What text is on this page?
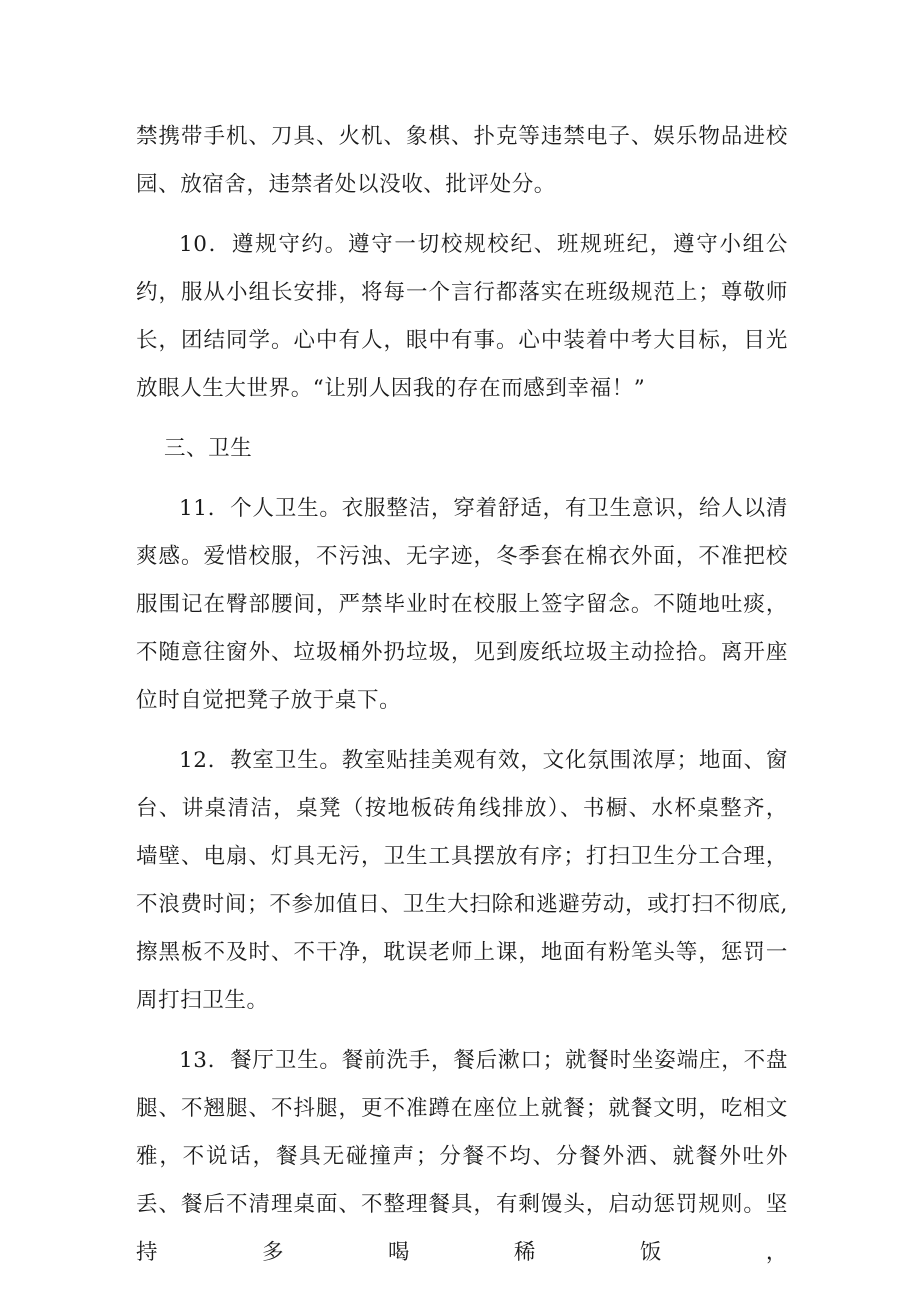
禁携带手机、刀具、火机、象棋、扑克等违禁电子、娱乐物品进校园、放宿舍，违禁者处以没收、批评处分。

10．遵规守约。遵守一切校规校纪、班规班纪，遵守小组公约，服从小组长安排，将每一个言行都落实在班级规范上；尊敬师长，团结同学。心中有人，眼中有事。心中装着中考大目标，目光放眼人生大世界。“让别人因我的存在而感到幸福！”

三、卫生

11．个人卫生。衣服整洁，穿着舒适，有卫生意识，给人以清爽感。爱惜校服，不污浊、无字迹，冬季套在棉衣外面，不准把校服围记在臀部腰间，严禁毕业时在校服上签字留念。不随地吐痰，不随意往窗外、垃圾桶外扔垃圾，见到废纸垃圾主动捡拾。离开座位时自觉把凳子放于桌下。

12．教室卫生。教室贴挂美观有效，文化氛围浓厚；地面、窗台、讲桌清洁，桌凳（按地板砖角线排放）、书橱、水杯桌整齐，墙壁、电扇、灯具无污，卫生工具摆放有序；打扫卫生分工合理，不浪费时间；不参加值日、卫生大扫除和逃避劳动，或打扫不彻底,擦黑板不及时、不干净，耽误老师上课，地面有粉笔头等，惩罚一周打扫卫生。

13．餐厅卫生。餐前洗手，餐后漱口；就餐时坐姿端庄，不盘腿、不翘腿、不抖腿，更不准蹲在座位上就餐；就餐文明，吃相文雅，不说话，餐具无碰撞声；分餐不均、分餐外洒、就餐外吐外丢、餐后不清理桌面、不整理餐具，有剩馒头，启动惩罚规则。坚持多喝稀饭，
